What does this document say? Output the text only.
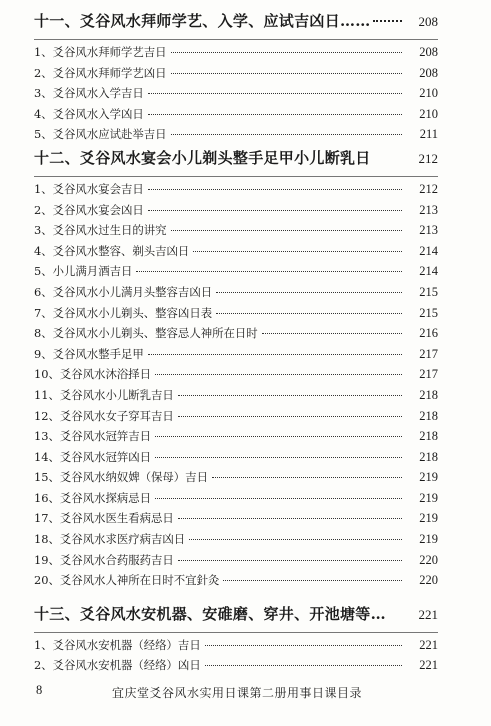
十一、爻谷风水拜师学艺、入学、应试吉凶日……	208
1、爻谷风水拜师学艺吉日	208
2、爻谷风水拜师学艺凶日	208
3、爻谷风水入学吉日	210
4、爻谷风水入学凶日	210
5、爻谷风水应试赴举吉日	211
十二、爻谷风水宴会小儿剃头整手足甲小儿断乳日	212
1、爻谷风水宴会吉日	212
2、爻谷风水宴会凶日	213
3、爻谷风水过生日的讲究	213
4、爻谷风水整容、剃头吉凶日	214
5、小儿满月酒吉日	214
6、爻谷风水小儿满月头整容吉凶日	215
7、爻谷风水小儿剃头、整容凶日表	215
8、爻谷风水小儿剃头、整容忌人神所在日时	216
9、爻谷风水整手足甲	217
10、爻谷风水沐浴择日	217
11、爻谷风水小儿断乳吉日	218
12、爻谷风水女子穿耳吉日	218
13、爻谷风水冠笄吉日	218
14、爻谷风水冠笄凶日	218
15、爻谷风水纳奴婢（保母）吉日	219
16、爻谷风水探病忌日	219
17、爻谷风水医生看病忌日	219
18、爻谷风水求医疗病吉凶日	219
19、爻谷风水合药服药吉日	220
20、爻谷风水人神所在日时不宜針灸	220
十三、爻谷风水安机器、安碓磨、穿井、开池塘等…	221
1、爻谷风水安机器（经络）吉日	221
2、爻谷风水安机器（经络）凶日	221
8	宜庆堂爻谷风水实用日课第二册用事日课目录
